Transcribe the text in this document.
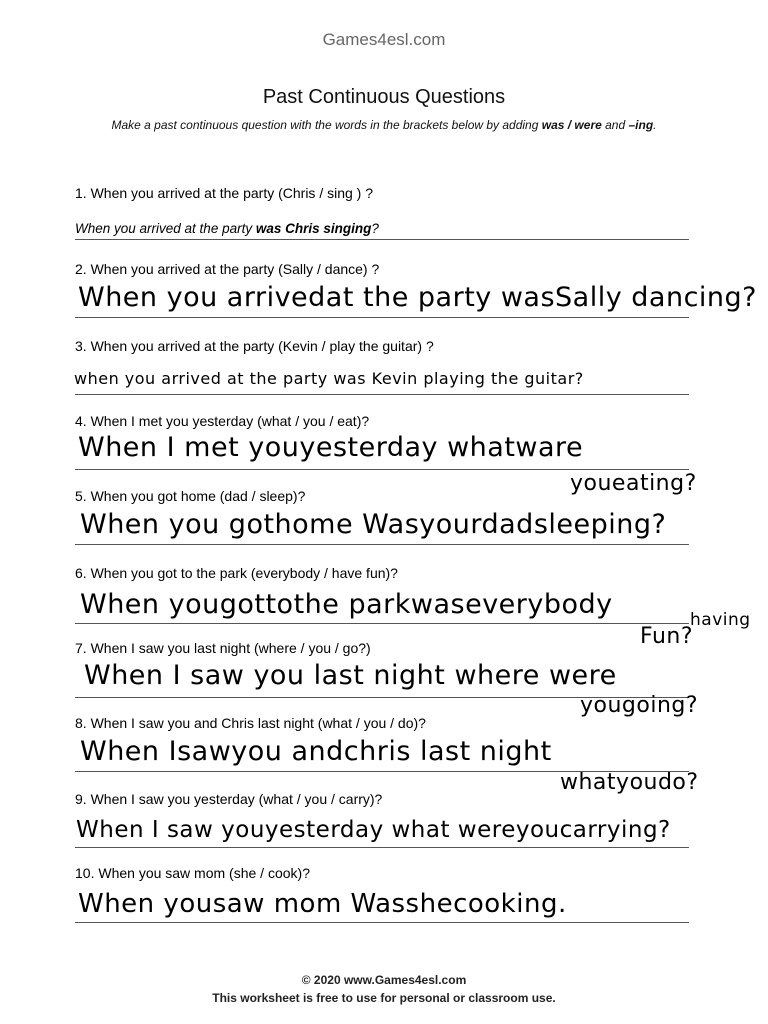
Games4esl.com
Past Continuous Questions
Make a past continuous question with the words in the brackets below by adding was / were and –ing.
1. When you arrived at the party (Chris / sing ) ?
When you arrived at the party was Chris singing?
2. When you arrived at the party (Sally / dance) ?
When you arrivedat the party wasSally dancing?
3. When you arrived at the party (Kevin / play the guitar) ?
when you arrived at the party was Kevin playing the guitar?
4. When I met you yesterday (what / you / eat)?
When I met youyesterday whatware
youeating?
5. When you got home (dad / sleep)?
When you gothome Wasyourdadsleeping?
6. When you got to the park (everybody / have fun)?
When yougottothe parkwaseverybody	having
Fun?
7. When I saw you last night (where / you / go?)
When I saw you last night where were
yougoing?
8. When I saw you and Chris last night (what / you / do)?
When Isawyou andchris last night
whatyoudo?
9. When I saw you yesterday (what / you / carry)?
When I saw youyesterday what wereyoucarrying?
10. When you saw mom (she / cook)?
When yousaw mom Wasshecooking.
© 2020 www.Games4esl.com
This worksheet is free to use for personal or classroom use.
